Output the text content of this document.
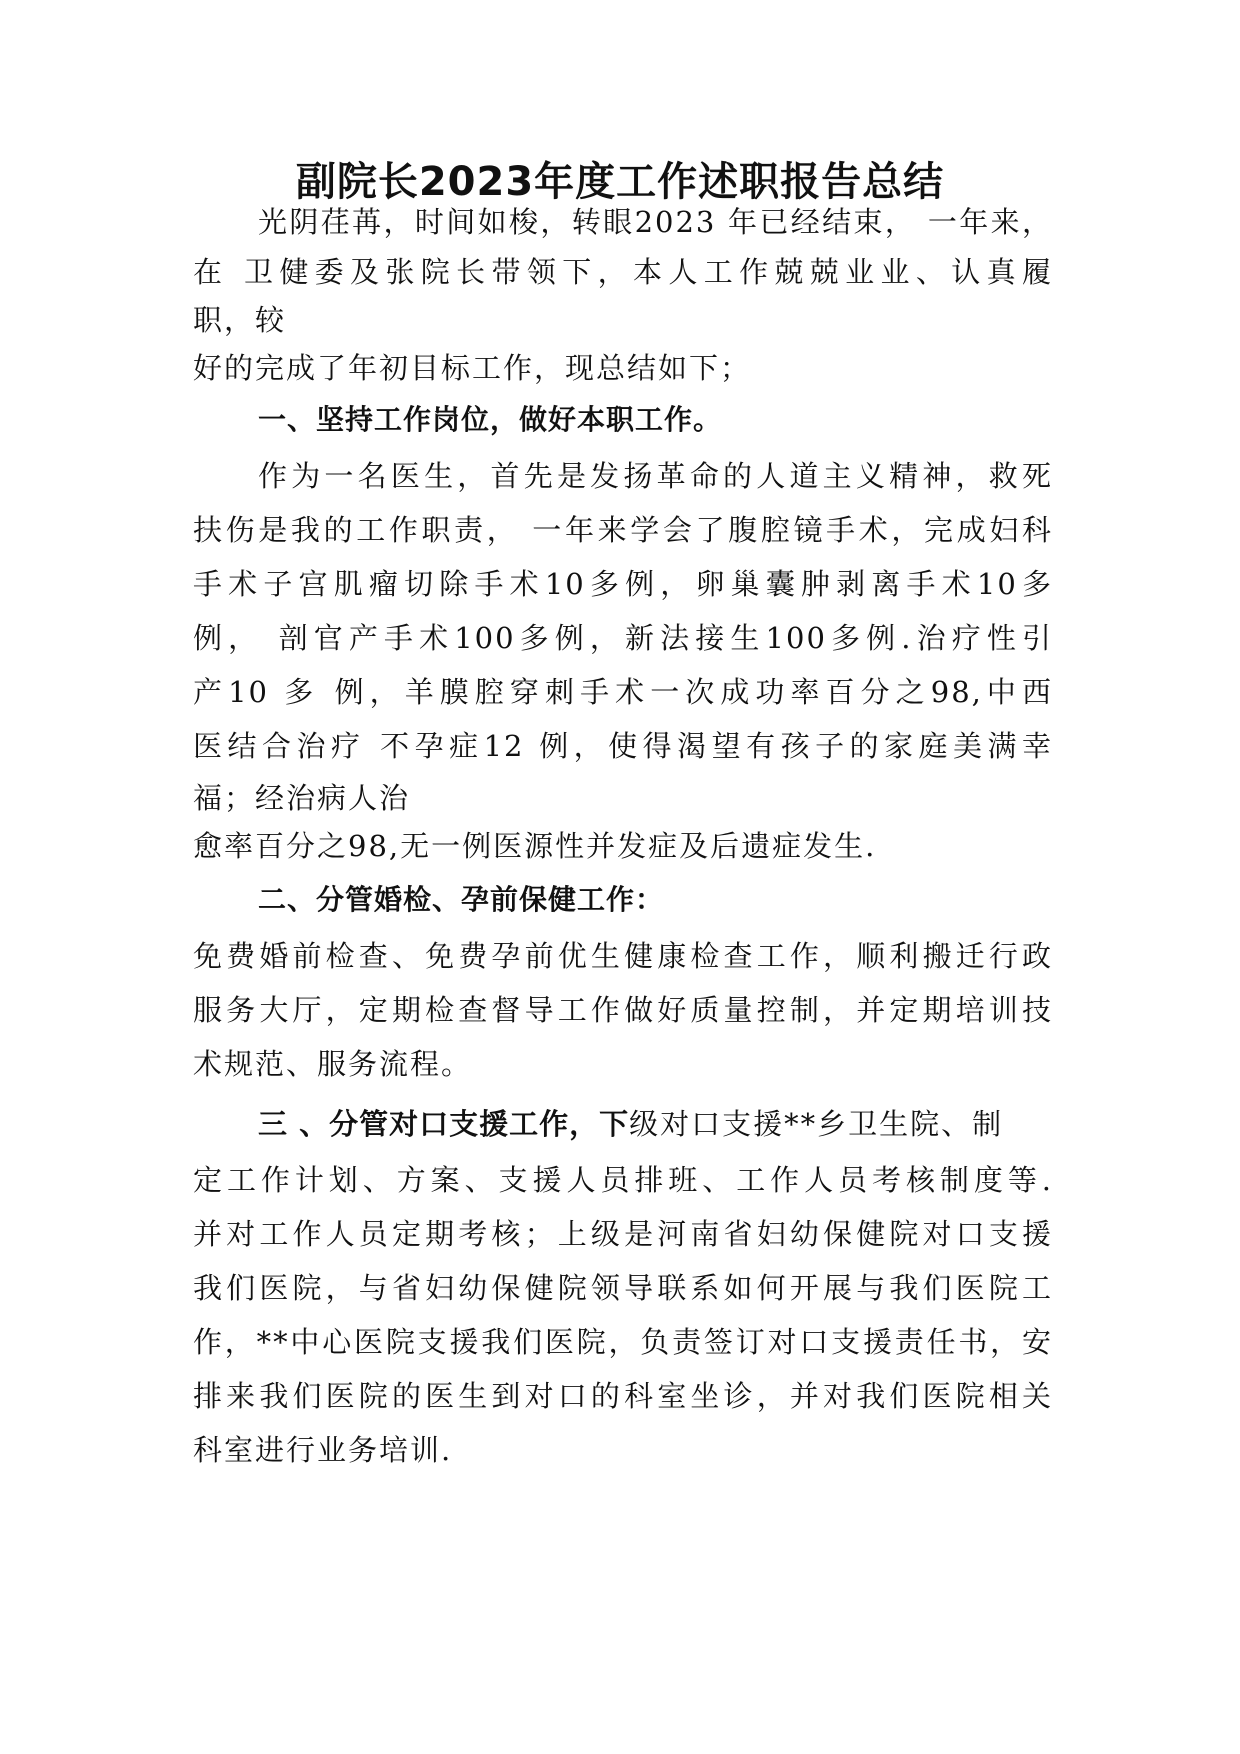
副院长2023年度工作述职报告总结
光阴荏苒，时间如梭，转眼2023 年已经结束， 一年来，
在 卫健委及张院长带领下，本人工作兢兢业业、认真履
职，较
好的完成了年初目标工作，现总结如下；
一、坚持工作岗位，做好本职工作。
作为一名医生，首先是发扬革命的人道主义精神，救死
扶伤是我的工作职责， 一年来学会了腹腔镜手术，完成妇科
手术子宫肌瘤切除手术10多例，卵巢囊肿剥离手术10多
例， 剖官产手术100多例，新法接生100多例.治疗性引
产10 多 例，羊膜腔穿刺手术一次成功率百分之98,中西
医结合治疗 不孕症12 例，使得渴望有孩子的家庭美满幸
福；经治病人治
愈率百分之98,无一例医源性并发症及后遗症发生.
二、分管婚检、孕前保健工作：
免费婚前检查、免费孕前优生健康检查工作，顺利搬迁行政
服务大厅，定期检查督导工作做好质量控制，并定期培训技
术规范、服务流程。
三 、分管对口支援工作，下级对口支援**乡卫生院、制
定工作计划、方案、支援人员排班、工作人员考核制度等.
并对工作人员定期考核；上级是河南省妇幼保健院对口支援
我们医院，与省妇幼保健院领导联系如何开展与我们医院工
作，**中心医院支援我们医院，负责签订对口支援责任书，安
排来我们医院的医生到对口的科室坐诊，并对我们医院相关
科室进行业务培训.
